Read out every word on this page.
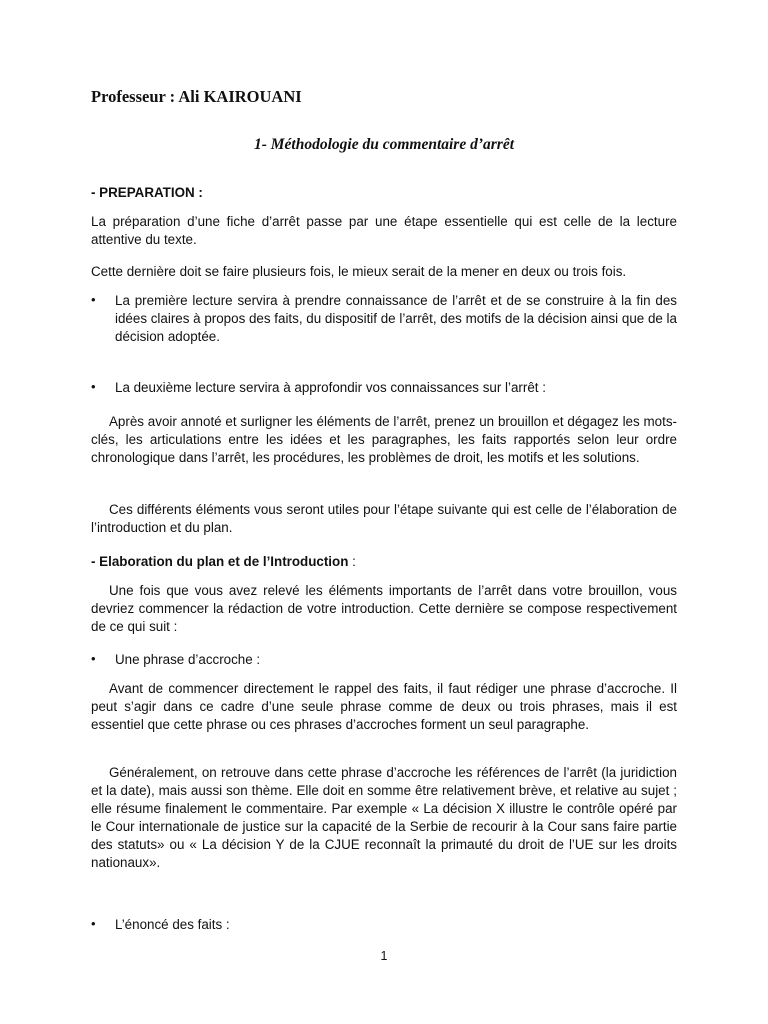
Professeur : Ali KAIROUANI
1- Méthodologie du commentaire d’arrêt
- PREPARATION :
La préparation d’une fiche d’arrêt passe par une étape essentielle qui est celle de la lecture attentive du texte.
Cette dernière doit se faire plusieurs fois, le mieux serait de la mener en deux ou trois fois.
•
La première lecture servira à prendre connaissance de l’arrêt et de se construire à la fin des idées claires à propos des faits, du dispositif de l’arrêt, des motifs de la décision ainsi que de la décision adoptée.
•
La deuxième lecture servira à approfondir vos connaissances sur l’arrêt :
Après avoir annoté et surligner les éléments de l’arrêt, prenez un brouillon et dégagez les mots-clés, les articulations entre les idées et les paragraphes, les faits rapportés selon leur ordre chronologique dans l’arrêt, les procédures, les problèmes de droit, les motifs et les solutions.
Ces différents éléments vous seront utiles pour l’étape suivante qui est celle de l’élaboration de l’introduction et du plan.
- Elaboration du plan et de l’Introduction :
Une fois que vous avez relevé les éléments importants de l’arrêt dans votre brouillon, vous devriez commencer la rédaction de votre introduction. Cette dernière se compose respectivement de ce qui suit :
•
Une phrase d’accroche :
Avant de commencer directement le rappel des faits, il faut rédiger une phrase d’accroche. Il peut s’agir dans ce cadre d’une seule phrase comme de deux ou trois phrases, mais il est essentiel que cette phrase ou ces phrases d’accroches forment un seul paragraphe.
Généralement, on retrouve dans cette phrase d’accroche les références de l’arrêt (la juridiction et la date), mais aussi son thème. Elle doit en somme être relativement brève, et relative au sujet ; elle résume finalement le commentaire. Par exemple « La décision X illustre le contrôle opéré par le Cour internationale de justice sur la capacité de la Serbie de recourir à la Cour sans faire partie des statuts» ou « La décision Y de la CJUE reconnaît la primauté du droit de l’UE sur les droits nationaux».
•
L’énoncé des faits :
1
